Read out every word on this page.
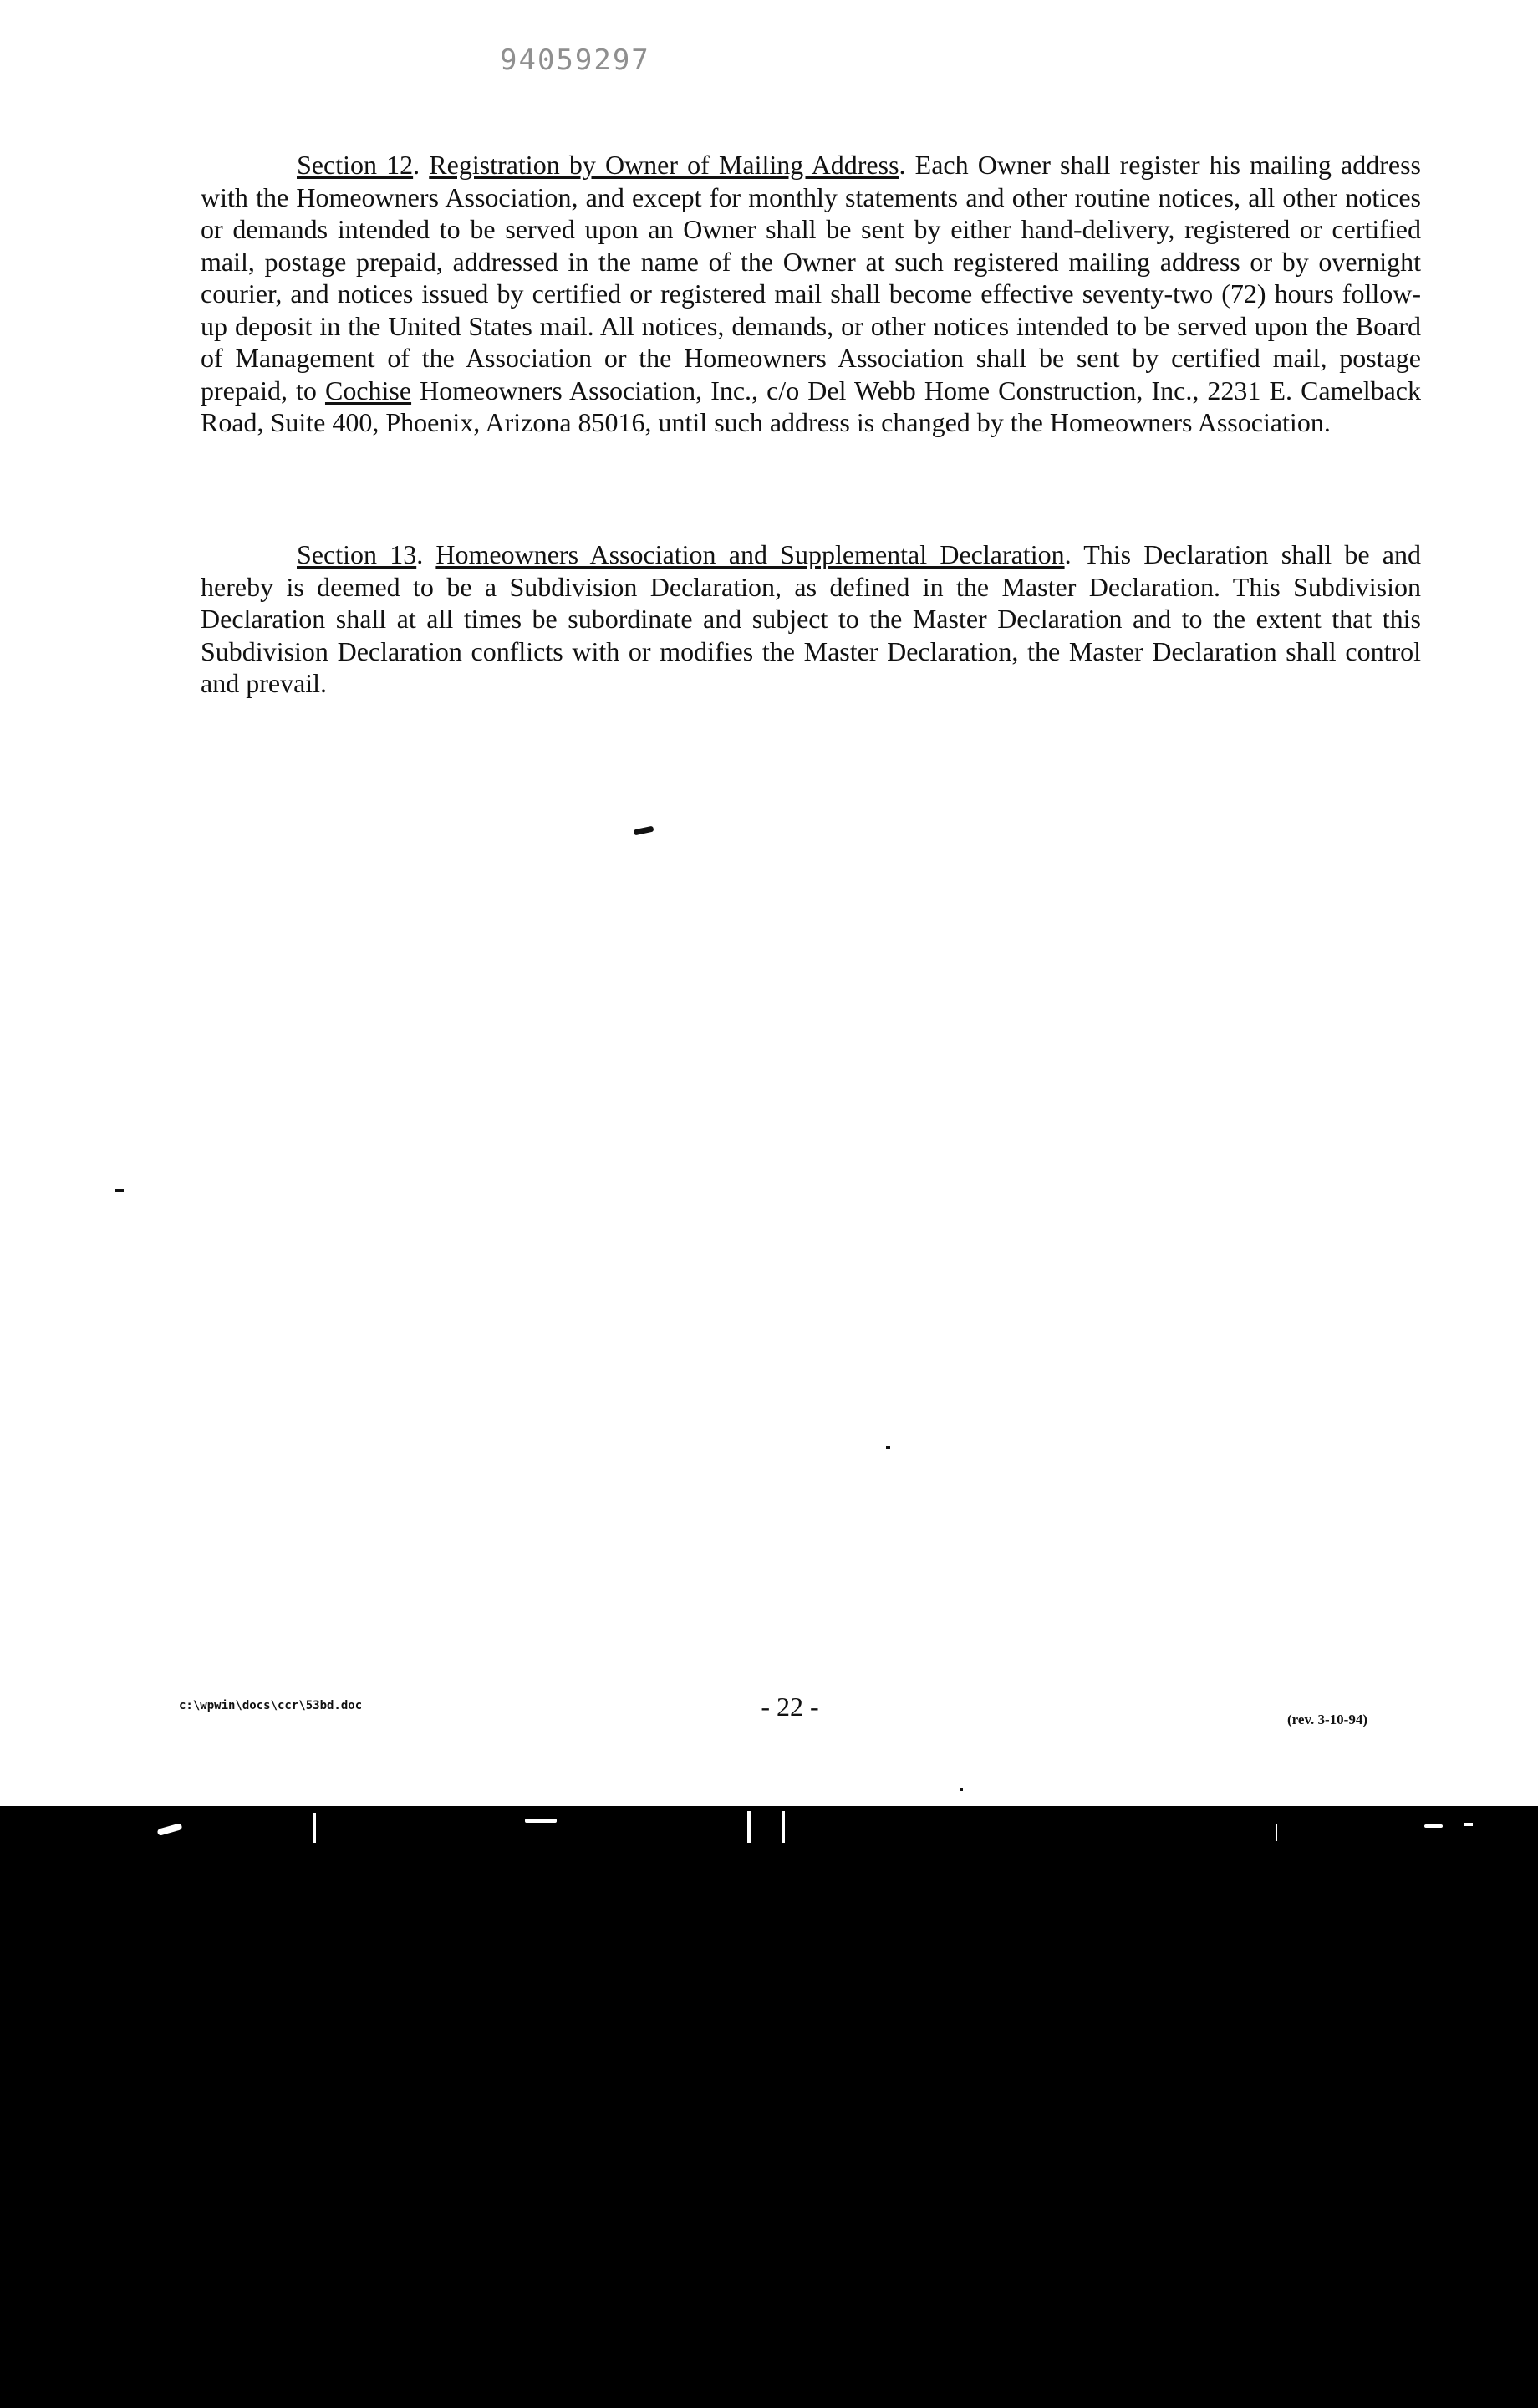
94059297
Section 12. Registration by Owner of Mailing Address. Each Owner shall register his mailing address with the Homeowners Association, and except for monthly statements and other routine notices, all other notices or demands intended to be served upon an Owner shall be sent by either hand-delivery, registered or certified mail, postage prepaid, addressed in the name of the Owner at such registered mailing address or by overnight courier, and notices issued by certified or registered mail shall become effective seventy-two (72) hours follow-up deposit in the United States mail. All notices, demands, or other notices intended to be served upon the Board of Management of the Association or the Homeowners Association shall be sent by certified mail, postage prepaid, to Cochise Homeowners Association, Inc., c/o Del Webb Home Construction, Inc., 2231 E. Camelback Road, Suite 400, Phoenix, Arizona 85016, until such address is changed by the Homeowners Association.
Section 13. Homeowners Association and Supplemental Declaration. This Declaration shall be and hereby is deemed to be a Subdivision Declaration, as defined in the Master Declaration. This Subdivision Declaration shall at all times be subordinate and subject to the Master Declaration and to the extent that this Subdivision Declaration conflicts with or modifies the Master Declaration, the Master Declaration shall control and prevail.
c:\wpwin\docs\ccr\53bd.doc	- 22 -	(rev. 3-10-94)
